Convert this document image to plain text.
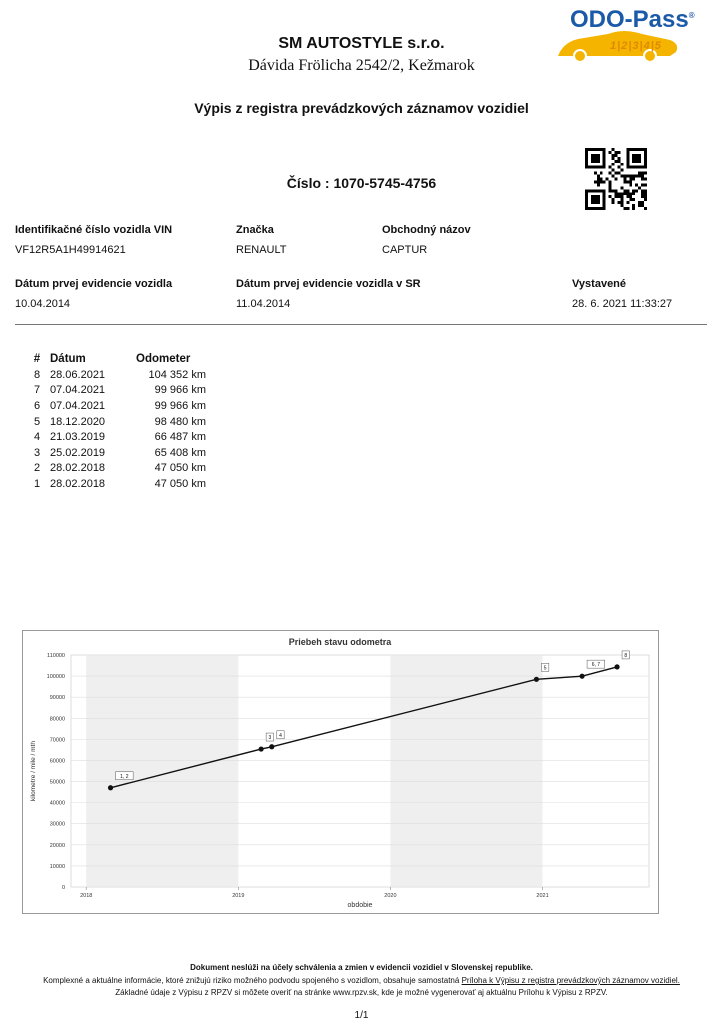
SM AUTOSTYLE s.r.o.
Dávida Frölicha 2542/2, Kežmarok
ODO-Pass®
1|2|3|4|5
Výpis z registra prevádzkových záznamov vozidiel
Číslo : 1070-5745-4756
Identifikačné číslo vozidla VIN
VF12R5A1H49914621
Značka
RENAULT
Obchodný názov
CAPTUR
Dátum prvej evidencie vozidla
10.04.2014
Dátum prvej evidencie vozidla v SR
11.04.2014
Vystavené
28. 6. 2021 11:33:27
#	Dátum	Odometer
8	28.06.2021	104 352 km
7	07.04.2021	99 966 km
6	07.04.2021	99 966 km
5	18.12.2020	98 480 km
4	21.03.2019	66 487 km
3	25.02.2019	65 408 km
2	28.02.2018	47 050 km
1	28.02.2018	47 050 km
Priebeh stavu odometra
0
10000
20000
30000
40000
50000
60000
70000
80000
90000
100000
110000
2018	2019	2020	2021
obdobie
kilometre / mile / mth	1, 2
3 4
5
6, 7
8
Dokument neslúži na účely schválenia a zmien v evidencii vozidiel v Slovenskej republike.
Komplexné a aktuálne informácie, ktoré znižujú riziko možného podvodu spojeného s vozidlom, obsahuje samostatná Príloha k Výpisu z registra prevádzkových záznamov vozidiel.
Základné údaje z Výpisu z RPZV si môžete overiť na stránke www.rpzv.sk, kde je možné vygenerovať aj aktuálnu Prílohu k Výpisu z RPZV.
1/1
